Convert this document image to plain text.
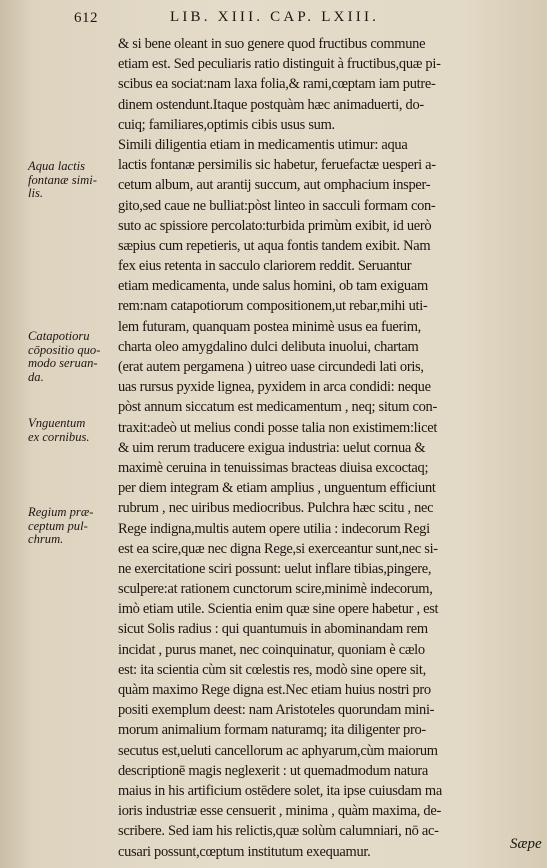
612	LIB. XIII. CAP. LXIII.
Aqua lactis
fontanæ simi-
lis.
Catapotioru
cōpositio quo-
modo seruan-
da.
Vnguentum
ex cornibus.
Regium præ-
ceptum pul-
chrum.
& si bene oleant in suo genere quod fructibus commune
etiam est. Sed peculiaris ratio distinguit à fructibus,quæ pi-
scibus ea sociat:nam laxa folia,& rami,cœptam iam putre-
dinem ostendunt.Itaque postquàm hæc animaduerti, do-
cuiq; familiares,optimis cibis usus sum.
Simili diligentia etiam in medicamentis utimur: aqua
lactis fontanæ persimilis sic habetur, feruefactæ uesperi a-
cetum album, aut arantij succum, aut omphacium insper-
gito,sed caue ne bulliat:pòst linteo in sacculi formam con-
suto ac spissiore percolato:turbida primùm exibit, id uerò
sæpius cum repetieris, ut aqua fontis tandem exibit. Nam
fex eius retenta in sacculo clariorem reddit. Seruantur
etiam medicamenta, unde salus homini, ob tam exiguam
rem:nam catapotiorum compositionem,ut rebar,mihi uti-
lem futuram, quanquam postea minimè usus ea fuerim,
charta oleo amygdalino dulci delibuta inuolui, chartam
(erat autem pergamena ) uitreo uase circundedi lati oris,
uas rursus pyxide lignea, pyxidem in arca condidi: neque
pòst annum siccatum est medicamentum , neq; situm con-
traxit:adeò ut melius condi posse talia non existimem:licet
& uim rerum traducere exigua industria: uelut cornua &
maximè ceruina in tenuissimas bracteas diuisa excoctaq;
per diem integram & etiam amplius , unguentum efficiunt
rubrum , nec uiribus mediocribus. Pulchra hæc scitu , nec
Rege indigna,multis autem opere utilia : indecorum Regi
est ea scire,quæ nec digna Rege,si exerceantur sunt,nec si-
ne exercitatione sciri possunt: uelut inflare tibias,pingere,
sculpere:at rationem cunctorum scire,minimè indecorum,
imò etiam utile. Scientia enim quæ sine opere habetur , est
sicut Solis radius : qui quantumuis in abominandam rem
incidat , purus manet, nec coinquinatur, quoniam è cælo
est: ita scientia cùm sit cœlestis res, modò sine opere sit,
quàm maximo Rege digna est.Nec etiam huius nostri pro
positi exemplum deest: nam Aristoteles quorundam mini-
morum animalium formam naturamq; ita diligenter pro-
secutus est,ueluti cancellorum ac aphyarum,cùm maiorum
descriptionē magis neglexerit : ut quemadmodum natura
maius in his artificium ostēdere solet, ita ipse cuiusdam ma
ioris industriæ esse censuerit , minima , quàm maxima, de-
scribere. Sed iam his relictis,quæ solùm calumniari, nō ac-
cusari possunt,cœptum institutum exequamur.	Sæpe
